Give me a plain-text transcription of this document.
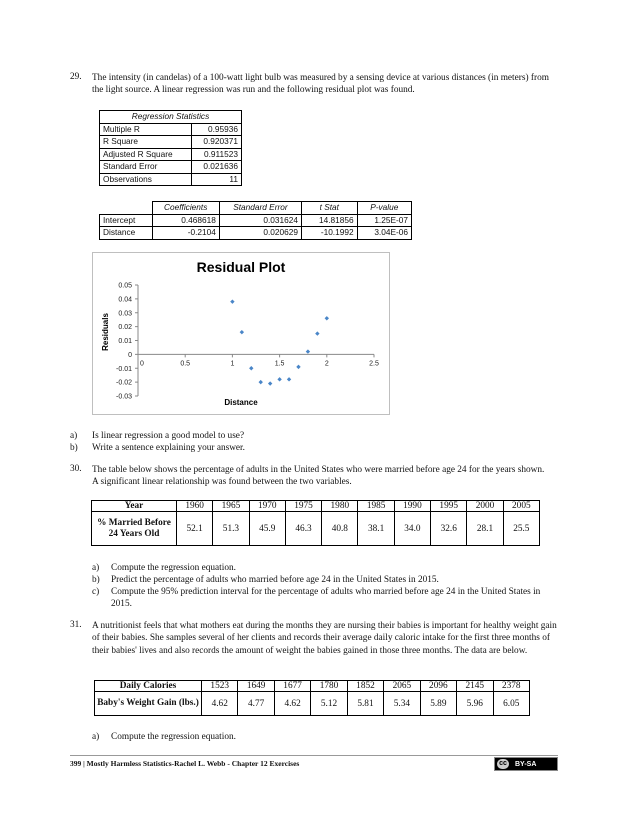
29. The intensity (in candelas) of a 100-watt light bulb was measured by a sensing device at various distances (in meters) from the light source. A linear regression was run and the following residual plot was found.
Regression Statistics	
Multiple R	0.95936
R Square	0.920371
Adjusted R Square	0.911523
Standard Error	0.021636
Observations	11
	Coefficients	Standard Error	t Stat	P-value
Intercept	0.468618	0.031624	14.81856	1.25E-07
Distance	-0.2104	0.020629	-10.1992	3.04E-06
Residual Plot
0.05
0.04
0.03
0.02
0.01
0
-0.01
-0.02
-0.03
0	0.5	1	1.5	2	2.5
Distance
Residuals
a) Is linear regression a good model to use?
b) Write a sentence explaining your answer.
30. The table below shows the percentage of adults in the United States who were married before age 24 for the years shown. A significant linear relationship was found between the two variables.
Year	1960	1965	1970	1975	1980	1985	1990	1995	2000	2005
% Married Before 24 Years Old	52.1	51.3	45.9	46.3	40.8	38.1	34.0	32.6	28.1	25.5
a) Compute the regression equation.
b) Predict the percentage of adults who married before age 24 in the United States in 2015.
c) Compute the 95% prediction interval for the percentage of adults who married before age 24 in the United States in 2015.
31. A nutritionist feels that what mothers eat during the months they are nursing their babies is important for healthy weight gain of their babies. She samples several of her clients and records their average daily caloric intake for the first three months of their babies' lives and also records the amount of weight the babies gained in those three months. The data are below.
Daily Calories	1523	1649	1677	1780	1852	2065	2096	2145	2378
Baby's Weight Gain (lbs.)	4.62	4.77	4.62	5.12	5.81	5.34	5.89	5.96	6.05
a) Compute the regression equation.
399 | Mostly Harmless Statistics-Rachel L. Webb - Chapter 12 Exercises	cc	BY-SA
